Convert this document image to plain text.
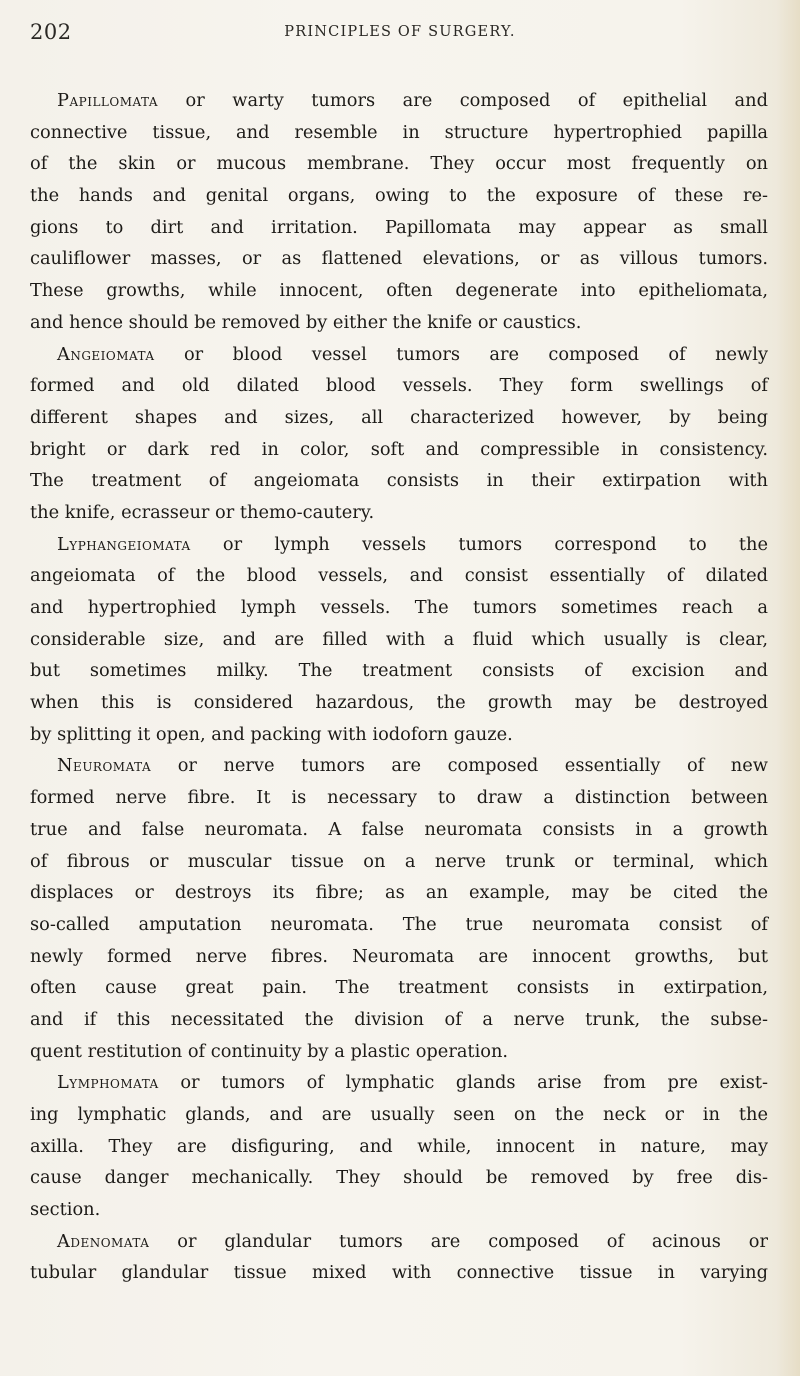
202	PRINCIPLES OF SURGERY.
Papillomata or warty tumors are composed of epithelial and
connective tissue, and resemble in structure hypertrophied papilla
of the skin or mucous membrane. They occur most frequently on
the hands and genital organs, owing to the exposure of these re-
gions to dirt and irritation. Papillomata may appear as small
cauliflower masses, or as flattened elevations, or as villous tumors.
These growths, while innocent, often degenerate into epitheliomata,
and hence should be removed by either the knife or caustics.
Angeiomata or blood vessel tumors are composed of newly
formed and old dilated blood vessels. They form swellings of
different shapes and sizes, all characterized however, by being
bright or dark red in color, soft and compressible in consistency.
The treatment of angeiomata consists in their extirpation with
the knife, ecrasseur or themo-cautery.
Lyphangeiomata or lymph vessels tumors correspond to the
angeiomata of the blood vessels, and consist essentially of dilated
and hypertrophied lymph vessels. The tumors sometimes reach a
considerable size, and are filled with a fluid which usually is clear,
but sometimes milky. The treatment consists of excision and
when this is considered hazardous, the growth may be destroyed
by splitting it open, and packing with iodoforn gauze.
Neuromata or nerve tumors are composed essentially of new
formed nerve fibre. It is necessary to draw a distinction between
true and false neuromata. A false neuromata consists in a growth
of fibrous or muscular tissue on a nerve trunk or terminal, which
displaces or destroys its fibre; as an example, may be cited the
so-called amputation neuromata. The true neuromata consist of
newly formed nerve fibres. Neuromata are innocent growths, but
often cause great pain. The treatment consists in extirpation,
and if this necessitated the division of a nerve trunk, the subse-
quent restitution of continuity by a plastic operation.
Lymphomata or tumors of lymphatic glands arise from pre exist-
ing lymphatic glands, and are usually seen on the neck or in the
axilla. They are disfiguring, and while, innocent in nature, may
cause danger mechanically. They should be removed by free dis-
section.
Adenomata or glandular tumors are composed of acinous or
tubular glandular tissue mixed with connective tissue in varying
